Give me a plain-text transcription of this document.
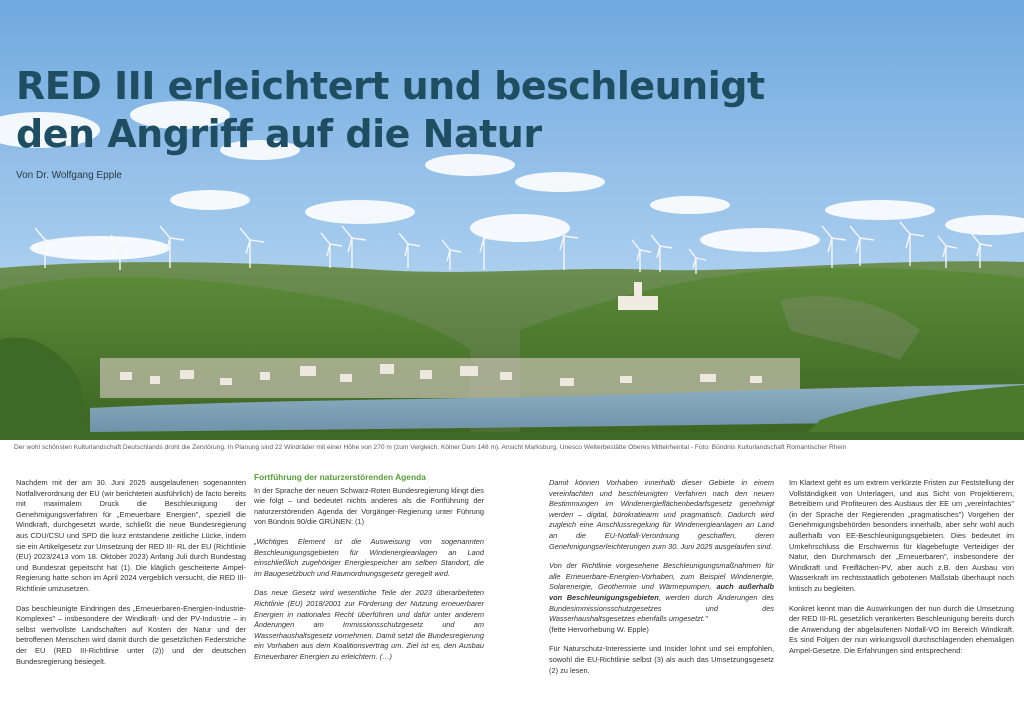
RED III erleichtert und beschleunigt
den Angriff auf die Natur
Von Dr. Wolfgang Epple
Der wohl schönsten Kulturlandschaft Deutschlands droht die Zerstörung. In Planung sind 22 Windräder mit einer Höhe von 270 m (zum Vergleich, Kölner Dom 148 m). Ansicht Marksburg, Unesco Welterbestätte Oberes Mittelrheintal - Foto: Bündnis Kulturlandschaft Romantischer Rhein

Nachdem mit der am 30. Juni 2025 ausgelaufenen sogenannten Notfallverordnung der EU (wir berichteten ausführlich) de facto bereits mit maximalem Druck die Beschleunigung der Genehmigungsverfahren für „Erneuerbare Energien", speziell die Windkraft, durchgesetzt wurde, schließt die neue Bundesregierung aus CDU/CSU und SPD die kurz entstandene zeitliche Lücke, indem sie ein Artikelgesetz zur Umsetzung der RED III- RL der EU (Richtlinie (EU) 2023/2413 vom 18. Oktober 2023) Anfang Juli durch Bundestag und Bundesrat gepeitscht hat (1). Die kläglich gescheiterte Ampel-Regierung hatte schon im April 2024 vergeblich versucht, die RED III-Richtlinie umzusetzen.

Das beschleunigte Eindringen des „Erneuerbaren-Energien-Industrie-Komplexes" – insbesondere der Windkraft- und der PV-Industrie – in selbst wertvollste Landschaften auf Kosten der Natur und der betroffenen Menschen wird damit durch die gesetzlichen Federstriche der EU (RED III-Richtlinie unter (2)) und der deutschen Bundesregierung besiegelt.

Fortführung der naturzerstörenden Agenda

In der Sprache der neuen Schwarz-Roten Bundesregierung klingt dies wie folgt – und bedeutet nichts anderes als die Fortführung der naturzerstörenden Agenda der Vorgänger-Regierung unter Führung von Bündnis 90/die GRÜNEN: (1)

„Wichtiges Element ist die Ausweisung von sogenannten Beschleunigungsgebieten für Windenergieanlagen an Land einschließlich zugehöriger Energiespeicher am selben Standort, die im Baugesetzbuch und Raumordnungsgesetz geregelt wird.

Das neue Gesetz wird wesentliche Teile der 2023 überarbeiteten Richtlinie (EU) 2018/2001 zur Förderung der Nutzung erneuerbarer Energien in nationales Recht überführen und dafür unter anderem Änderungen am Immissionsschutzgesetz und am Wasserhaushaltsgesetz vornehmen. Damit setzt die Bundesregierung ein Vorhaben aus dem Koalitionsvertrag um. Ziel ist es, den Ausbau Erneuerbarer Energien zu erleichtern. (…)

Damit können Vorhaben innerhalb dieser Gebiete in einem vereinfachten und beschleunigten Verfahren nach den neuen Bestimmungen im Windenergieflächenbedarfsgesetz genehmigt werden – digital, bürokratiearm und pragmatisch. Dadurch wird zugleich eine Anschlussregelung für Windenergieanlagen an Land an die EU-Notfall-Verordnung geschaffen, deren Genehmigungserleichterungen zum 30. Juni 2025 ausgelaufen sind.

Von der Richtlinie vorgesehene Beschleunigungsmaßnahmen für alle Erneuerbare-Energien-Vorhaben, zum Beispiel Windenergie, Solarenergie, Geothermie und Wärmepumpen, auch außerhalb von Beschleunigungsgebieten, werden durch Änderungen des Bundesimmissionsschutzgesetzes und des Wasserhaushaltsgesetzes ebenfalls umgesetzt."
(fette Hervorhebung W. Epple)

Für Naturschutz-Interessierte und Insider lohnt und sei empfohlen, sowohl die EU-Richtlinie selbst (3) als auch das Umsetzungsgesetz (2) zu lesen.

Im Klartext geht es um extrem verkürzte Fristen zur Feststellung der Vollständigkeit von Unterlagen, und aus Sicht von Projektierern, Betreibern und Profiteuren des Ausbaus der EE um „vereinfachtes" (in der Sprache der Regierenden „pragmatisches") Vorgehen der Genehmigungsbehörden besonders innerhalb, aber sehr wohl auch außerhalb von EE-Beschleunigungsgebieten. Dies bedeutet im Umkehrschluss die Erschwernis für klagebefugte Verteidiger der Natur, den Durchmarsch der „Erneuerbaren", insbesondere der Windkraft und Freiflächen-PV, aber auch z.B. den Ausbau von Wasserkraft im rechtsstaatlich gebotenen Maßstab überhaupt noch kritisch zu begleiten.

Konkret kennt man die Auswirkungen der nun durch die Umsetzung der RED III-RL gesetzlich verankerten Beschleunigung bereits durch die Anwendung der abgelaufenen Notfall-VO im Bereich Windkraft. Es sind Folgen der nun wirkungsvoll durchschlagenden ehemaligen Ampel-Gesetze. Die Erfahrungen sind entsprechend:
